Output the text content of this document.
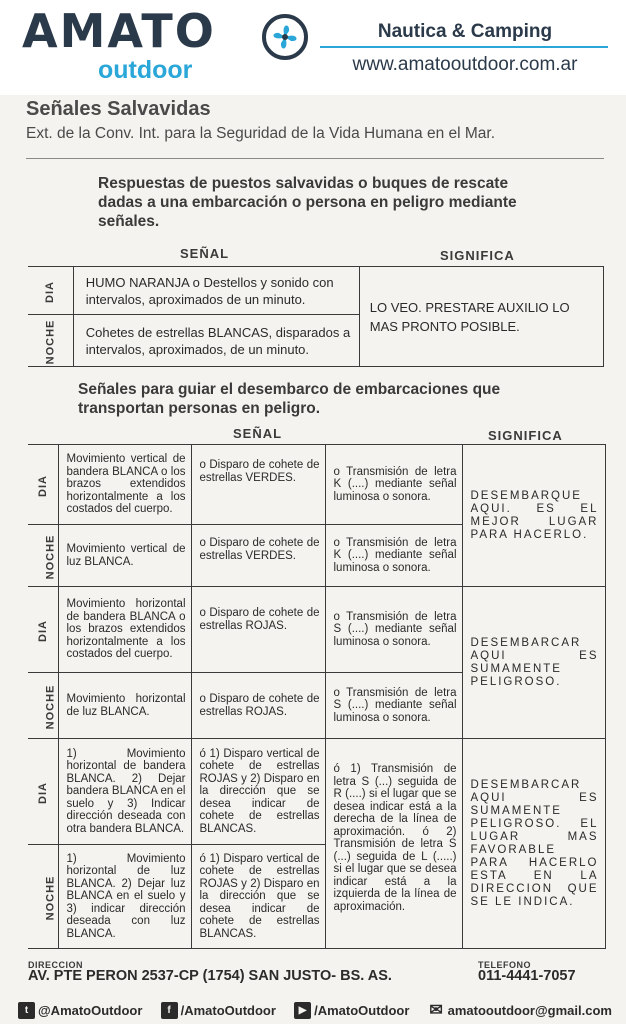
AMATO
outdoor
Nautica & Camping
www.amatooutdoor.com.ar
Señales Salvavidas
Ext. de la Conv. Int. para la Seguridad de la Vida Humana en el Mar.
Respuestas de puestos salvavidas o buques de rescate dadas a una embarcación o persona en peligro mediante señales.
SEÑAL	SIGNIFICA
DIA	HUMO NARANJA o Destellos y sonido con intervalos, aproximados de un minuto.	LO VEO. PRESTARE AUXILIO LO MAS PRONTO POSIBLE.
NOCHE	Cohetes de estrellas BLANCAS, disparados a intervalos, aproximados, de un minuto.	
Señales para guiar el desembarco de embarcaciones que transportan personas en peligro.
SEÑAL	SIGNIFICA
DIA	Movimiento vertical de bandera BLANCA o los brazos extendidos horizontalmente a los costados del cuerpo.	o Disparo de cohete de estrellas VERDES.	o Transmisión de letra K (....) mediante señal luminosa o sonora.	DESEMBARQUE AQUI. ES EL MEJOR LUGAR PARA HACERLO.
NOCHE	Movimiento vertical de luz BLANCA.	o Disparo de cohete de estrellas VERDES.	o Transmisión de letra K (....) mediante señal luminosa o sonora.	
DIA	Movimiento horizontal de bandera BLANCA o los brazos extendidos horizontalmente a los costados del cuerpo.	o Disparo de cohete de estrellas ROJAS.	o Transmisión de letra S (....) mediante señal luminosa o sonora.	DESEMBARCAR AQUI ES SUMAMENTE PELIGROSO.
NOCHE	Movimiento horizontal de luz BLANCA.	o Disparo de cohete de estrellas ROJAS.	o Transmisión de letra S (....) mediante señal luminosa o sonora.	
DIA	1) Movimiento horizontal de bandera BLANCA. 2) Dejar bandera BLANCA en el suelo y 3) Indicar dirección deseada con otra bandera BLANCA.	ó 1) Disparo vertical de cohete de estrellas ROJAS y 2) Disparo en la dirección que se desea indicar de cohete de estrellas BLANCAS.	ó 1) Transmisión de letra S (...) seguida de R (....) si el lugar que se desea indicar está a la derecha de la línea de aproximación. ó 2) Transmisión de letra S (...) seguida de L (.....) si el lugar que se desea indicar está a la izquierda de la línea de aproximación.	DESEMBARCAR AQUI ES SUMAMENTE PELIGROSO. EL LUGAR MAS FAVORABLE PARA HACERLO ESTA EN LA DIRECCION QUE SE LE INDICA.
NOCHE	1) Movimiento horizontal de luz BLANCA. 2) Dejar luz BLANCA en el suelo y 3) indicar dirección deseada con luz BLANCA.	ó 1) Disparo vertical de cohete de estrellas ROJAS y 2) Disparo en la dirección que se desea indicar de cohete de estrellas BLANCAS.		
DIRECCION
AV. PTE PERON 2537-CP (1754) SAN JUSTO- BS. AS.
TELEFONO
011-4441-7057
t @AmatoOutdoor	f /AmatoOutdoor	▶ /AmatoOutdoor ✉ amatooutdoor@gmail.com
